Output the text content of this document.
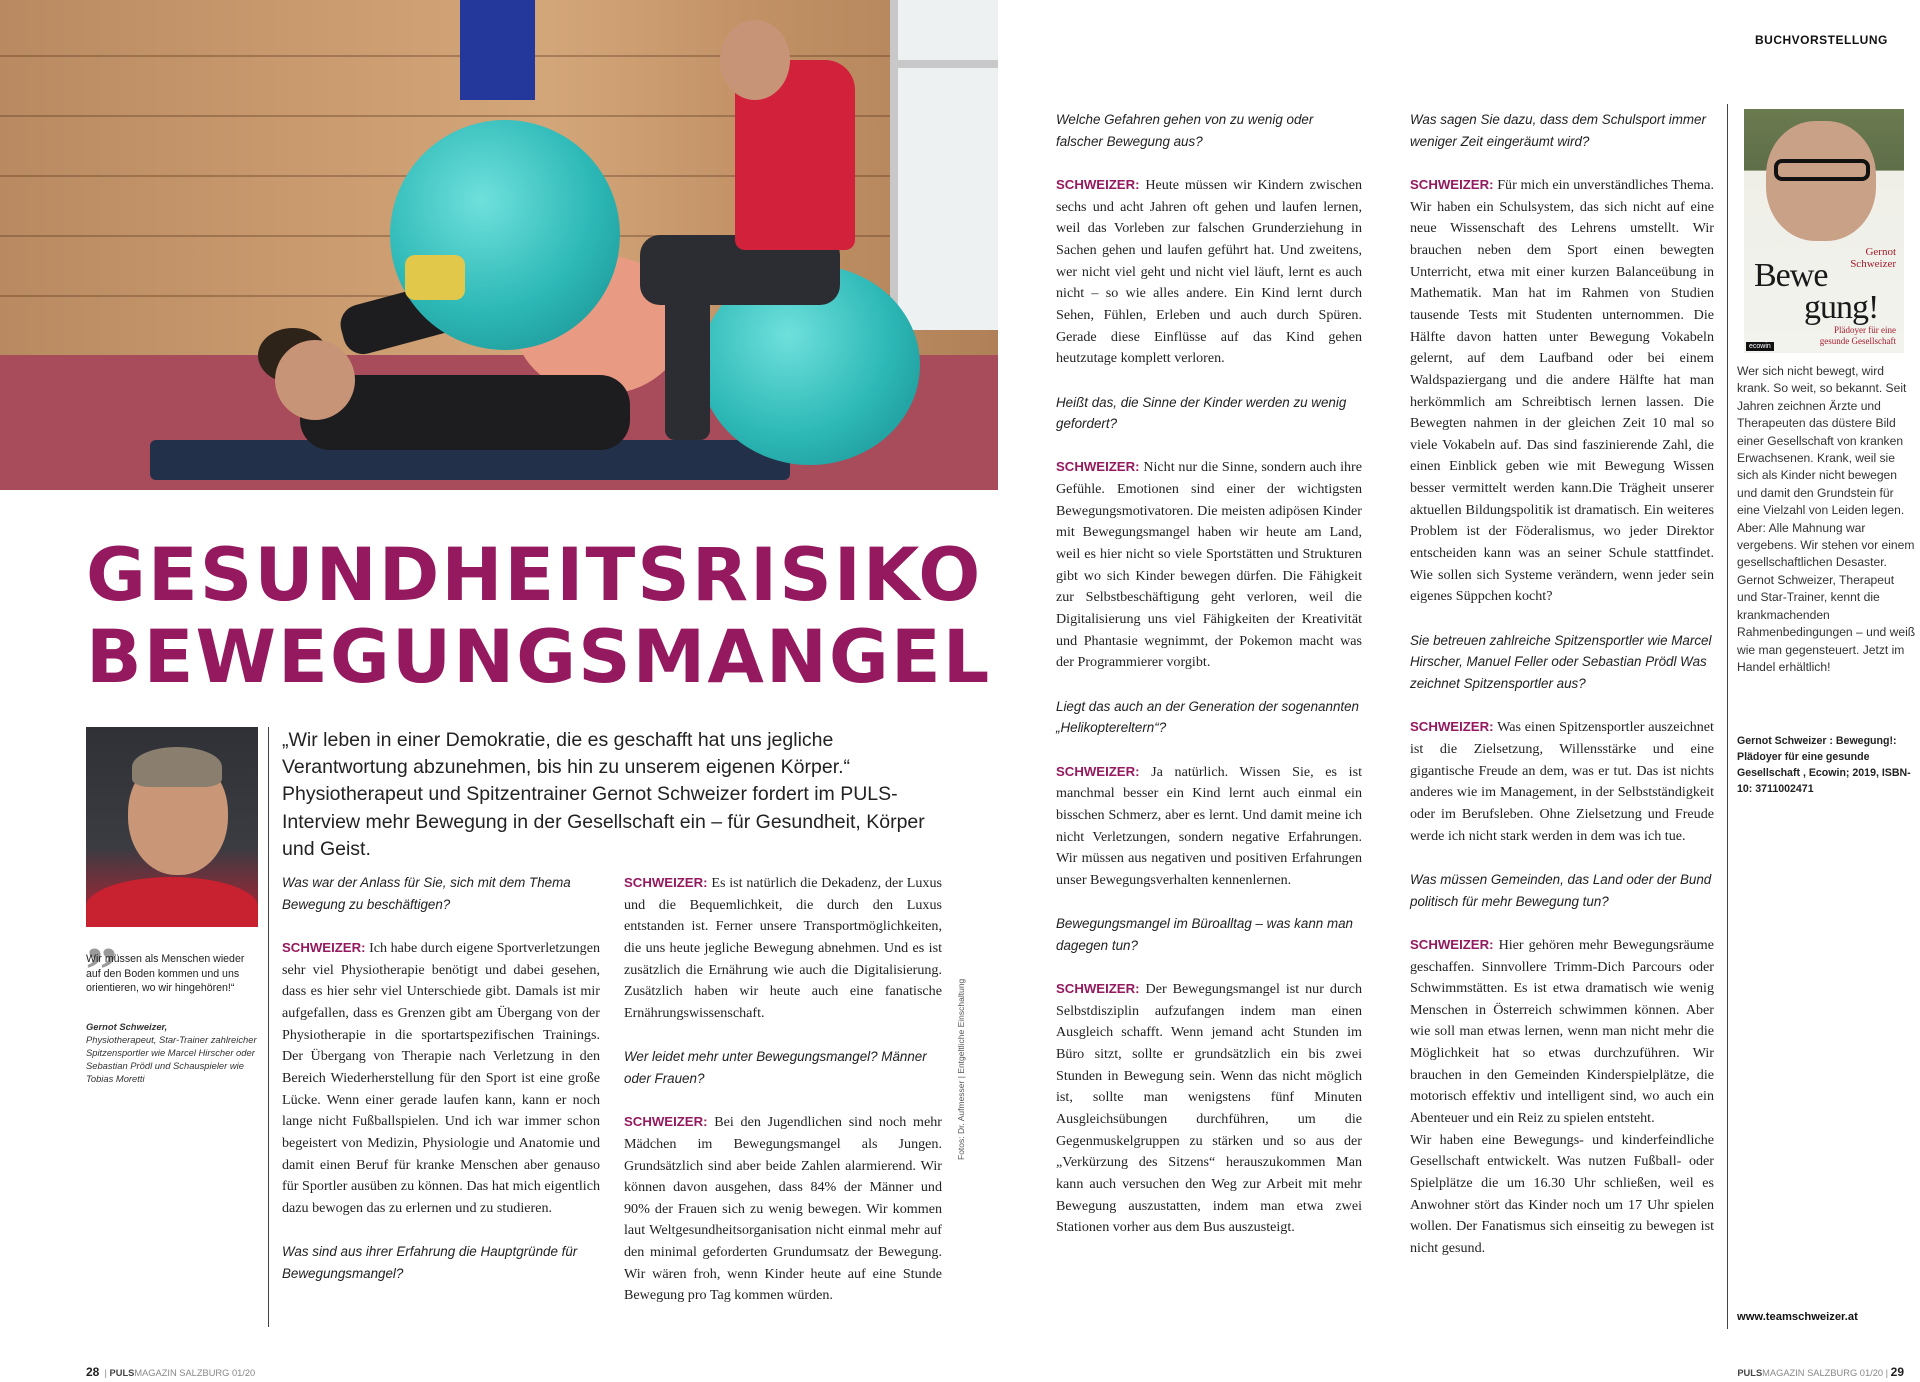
BUCHVORSTELLUNG
GESUNDHEITSRISIKO
BEWEGUNGSMANGEL
„
Wir müssen als Menschen wieder auf den Boden kommen und uns orientieren, wo wir hingehören!“
Gernot Schweizer,
Physiotherapeut, Star-Trainer zahlreicher Spitzensportler wie Marcel Hirscher oder Sebastian Prödl und Schauspieler wie Tobias Moretti
„Wir leben in einer Demokratie, die es geschafft hat uns jegliche Verantwortung abzunehmen, bis hin zu unserem eigenen Körper.“ Physiotherapeut und Spitzentrainer Gernot Schweizer fordert im PULS-Interview mehr Bewegung in der Gesellschaft ein – für Gesundheit, Körper und Geist.

Was war der Anlass für Sie, sich mit dem Thema Bewegung zu beschäftigen?

SCHWEIZER: Ich habe durch eigene Sportverletzungen sehr viel Physiotherapie benötigt und dabei gesehen, dass es hier sehr viel Unterschiede gibt. Damals ist mir aufgefallen, dass es Grenzen gibt am Übergang von der Physiotherapie in die sportartspezifischen Trainings. Der Übergang von Therapie nach Verletzung in den Bereich Wiederherstellung für den Sport ist eine große Lücke. Wenn einer gerade laufen kann, kann er noch lange nicht Fußballspielen. Und ich war immer schon begeistert von Medizin, Physiologie und Anatomie und damit einen Beruf für kranke Menschen aber genauso für Sportler ausüben zu können. Das hat mich eigentlich dazu bewogen das zu erlernen und zu studieren.

Was sind aus ihrer Erfahrung die Hauptgründe für Bewegungsmangel?

SCHWEIZER: Es ist natürlich die Dekadenz, der Luxus und die Bequemlichkeit, die durch den Luxus entstanden ist. Ferner unsere Transportmöglichkeiten, die uns heute jegliche Bewegung abnehmen. Und es ist zusätzlich die Ernährung wie auch die Digitalisierung. Zusätzlich haben wir heute auch eine fanatische Ernährungswissenschaft.

Wer leidet mehr unter Bewegungsmangel? Männer oder Frauen?

SCHWEIZER: Bei den Jugendlichen sind noch mehr Mädchen im Bewegungsmangel als Jungen. Grundsätzlich sind aber beide Zahlen alarmierend. Wir können davon ausgehen, dass 84% der Männer und 90% der Frauen sich zu wenig bewegen. Wir kommen laut Weltgesundheitsorganisation nicht einmal mehr auf den minimal geforderten Grundumsatz der Bewegung. Wir wären froh, wenn Kinder heute auf eine Stunde Bewegung pro Tag kommen würden.

Welche Gefahren gehen von zu wenig oder falscher Bewegung aus?

SCHWEIZER: Heute müssen wir Kindern zwischen sechs und acht Jahren oft gehen und laufen lernen, weil das Vorleben zur falschen Grunderziehung in Sachen gehen und laufen geführt hat. Und zweitens, wer nicht viel geht und nicht viel läuft, lernt es auch nicht – so wie alles andere. Ein Kind lernt durch Sehen, Fühlen, Erleben und auch durch Spüren. Gerade diese Einflüsse auf das Kind gehen heutzutage komplett verloren.

Heißt das, die Sinne der Kinder werden zu wenig gefordert?

SCHWEIZER: Nicht nur die Sinne, sondern auch ihre Gefühle. Emotionen sind einer der wichtigsten Bewegungsmotivatoren. Die meisten adipösen Kinder mit Bewegungsmangel haben wir heute am Land, weil es hier nicht so viele Sportstätten und Strukturen gibt wo sich Kinder bewegen dürfen. Die Fähigkeit zur Selbstbeschäftigung geht verloren, weil die Digitalisierung uns viel Fähigkeiten der Kreativität und Phantasie wegnimmt, der Pokemon macht was der Programmierer vorgibt.

Liegt das auch an der Generation der sogenannten „Helikoptereltern“?

SCHWEIZER: Ja natürlich. Wissen Sie, es ist manchmal besser ein Kind lernt auch einmal ein bisschen Schmerz, aber es lernt. Und damit meine ich nicht Verletzungen, sondern negative Erfahrungen. Wir müssen aus negativen und positiven Erfahrungen unser Bewegungsverhalten kennenlernen.

Bewegungsmangel im Büroalltag – was kann man dagegen tun?

SCHWEIZER: Der Bewegungsmangel ist nur durch Selbstdisziplin aufzufangen indem man einen Ausgleich schafft. Wenn jemand acht Stunden im Büro sitzt, sollte er grundsätzlich ein bis zwei Stunden in Bewegung sein. Wenn das nicht möglich ist, sollte man wenigstens fünf Minuten Ausgleichsübungen durchführen, um die Gegenmuskelgruppen zu stärken und so aus der „Verkürzung des Sitzens“ herauszukommen Man kann auch versuchen den Weg zur Arbeit mit mehr Bewegung auszustatten, indem man etwa zwei Stationen vorher aus dem Bus auszusteigt.

Was sagen Sie dazu, dass dem Schulsport immer weniger Zeit eingeräumt wird?

SCHWEIZER: Für mich ein unverständliches Thema. Wir haben ein Schulsystem, das sich nicht auf eine neue Wissenschaft des Lehrens umstellt. Wir brauchen neben dem Sport einen bewegten Unterricht, etwa mit einer kurzen Balanceübung in Mathematik. Man hat im Rahmen von Studien tausende Tests mit Studenten unternommen. Die Hälfte davon hatten unter Bewegung Vokabeln gelernt, auf dem Laufband oder bei einem Waldspaziergang und die andere Hälfte hat man herkömmlich am Schreibtisch lernen lassen. Die Bewegten nahmen in der gleichen Zeit 10 mal so viele Vokabeln auf. Das sind faszinierende Zahl, die einen Einblick geben wie mit Bewegung Wissen besser vermittelt werden kann.Die Trägheit unserer aktuellen Bildungspolitik ist dramatisch. Ein weiteres Problem ist der Föderalismus, wo jeder Direktor entscheiden kann was an seiner Schule stattfindet. Wie sollen sich Systeme verändern, wenn jeder sein eigenes Süppchen kocht?

Sie betreuen zahlreiche Spitzensportler wie Marcel Hirscher, Manuel Feller oder Sebastian Prödl Was zeichnet Spitzensportler aus?

SCHWEIZER: Was einen Spitzensportler auszeichnet ist die Zielsetzung, Willensstärke und eine gigantische Freude an dem, was er tut. Das ist nichts anderes wie im Management, in der Selbstständigkeit oder im Berufsleben. Ohne Zielsetzung und Freude werde ich nicht stark werden in dem was ich tue.

Was müssen Gemeinden, das Land oder der Bund politisch für mehr Bewegung tun?

SCHWEIZER: Hier gehören mehr Bewegungsräume geschaffen. Sinnvollere Trimm-Dich Parcours oder Schwimmstätten. Es ist etwa dramatisch wie wenig Menschen in Österreich schwimmen können. Aber wie soll man etwas lernen, wenn man nicht mehr die Möglichkeit hat so etwas durchzuführen. Wir brauchen in den Gemeinden Kinderspielplätze, die motorisch effektiv und intelligent sind, wo auch ein Abenteuer und ein Reiz zu spielen entsteht.

Wir haben eine Bewegungs- und kinderfeindliche Gesellschaft entwickelt. Was nutzen Fußball- oder Spielplätze die um 16.30 Uhr schließen, weil es Anwohner stört das Kinder noch um 17 Uhr spielen wollen. Der Fanatismus sich einseitig zu bewegen ist nicht gesund.

Fotos: Dr. Aufmesser | Entgeltliche Einschaltung
Gernot
Schweizer
Bewe
gung!
Plädoyer für eine
gesunde Gesellschaft
ecowin
Wer sich nicht bewegt, wird krank. So weit, so bekannt. Seit Jahren zeichnen Ärzte und Therapeuten das düstere Bild einer Gesellschaft von kranken Erwachsenen. Krank, weil sie sich als Kinder nicht bewegen und damit den Grundstein für eine Vielzahl von Leiden legen. Aber: Alle Mahnung war vergebens. Wir stehen vor einem gesellschaftlichen Desaster. Gernot Schweizer, Therapeut und Star-Trainer, kennt die krankmachenden Rahmenbedingungen – und weiß wie man gegensteuert. Jetzt im Handel erhältlich!
Gernot Schweizer : Bewegung!: Plädoyer für eine gesunde Gesellschaft , Ecowin; 2019, ISBN-10: 3711002471
www.teamschweizer.at
28  | PULSMAGAZIN SALZBURG 01/20	PULSMAGAZIN SALZBURG 01/20 | 29
